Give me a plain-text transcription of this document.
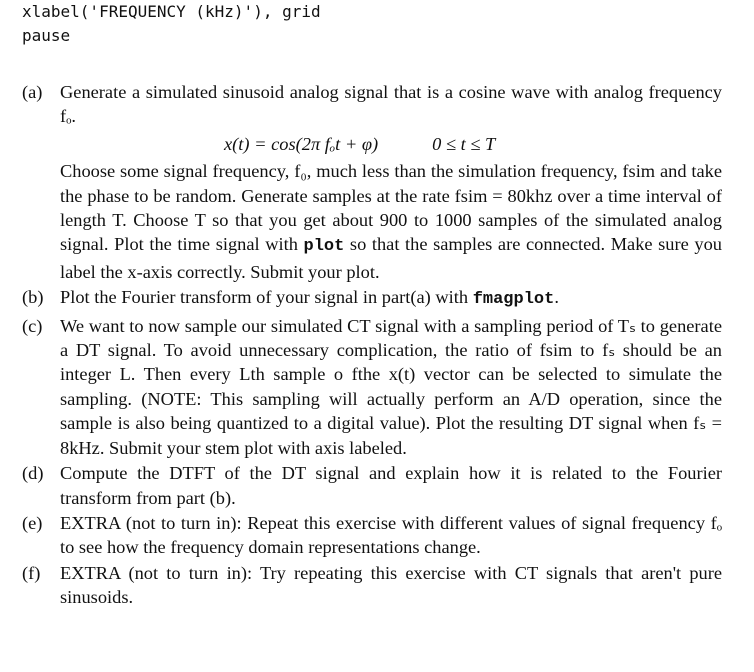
xlabel('FREQUENCY (kHz)'), grid
pause
(a) Generate a simulated sinusoid analog signal that is a cosine wave with analog frequency fₒ.
x(t) = cos(2π fₒt + φ)	0 ≤ t ≤ T
Choose some signal frequency, f₀, much less than the simulation frequency, fsim and take the phase to be random. Generate samples at the rate fsim = 80khz over a time interval of length T. Choose T so that you get about 900 to 1000 samples of the simulated analog signal. Plot the time signal with plot so that the samples are connected. Make sure you label the x-axis correctly. Submit your plot.
(b) Plot the Fourier transform of your signal in part(a) with fmagplot.
(c) We want to now sample our simulated CT signal with a sampling period of Tₛ to generate a DT signal. To avoid unnecessary complication, the ratio of fsim to fₛ should be an integer L. Then every Lth sample o fthe x(t) vector can be selected to simulate the sampling. (NOTE: This sampling will actually perform an A/D operation, since the sample is also being quantized to a digital value). Plot the resulting DT signal when fₛ = 8kHz. Submit your stem plot with axis labeled.
(d) Compute the DTFT of the DT signal and explain how it is related to the Fourier transform from part (b).
(e) EXTRA (not to turn in): Repeat this exercise with different values of signal frequency fₒ to see how the frequency domain representations change.
(f)	EXTRA (not to turn in): Try repeating this exercise with CT signals that aren't pure sinusoids.
